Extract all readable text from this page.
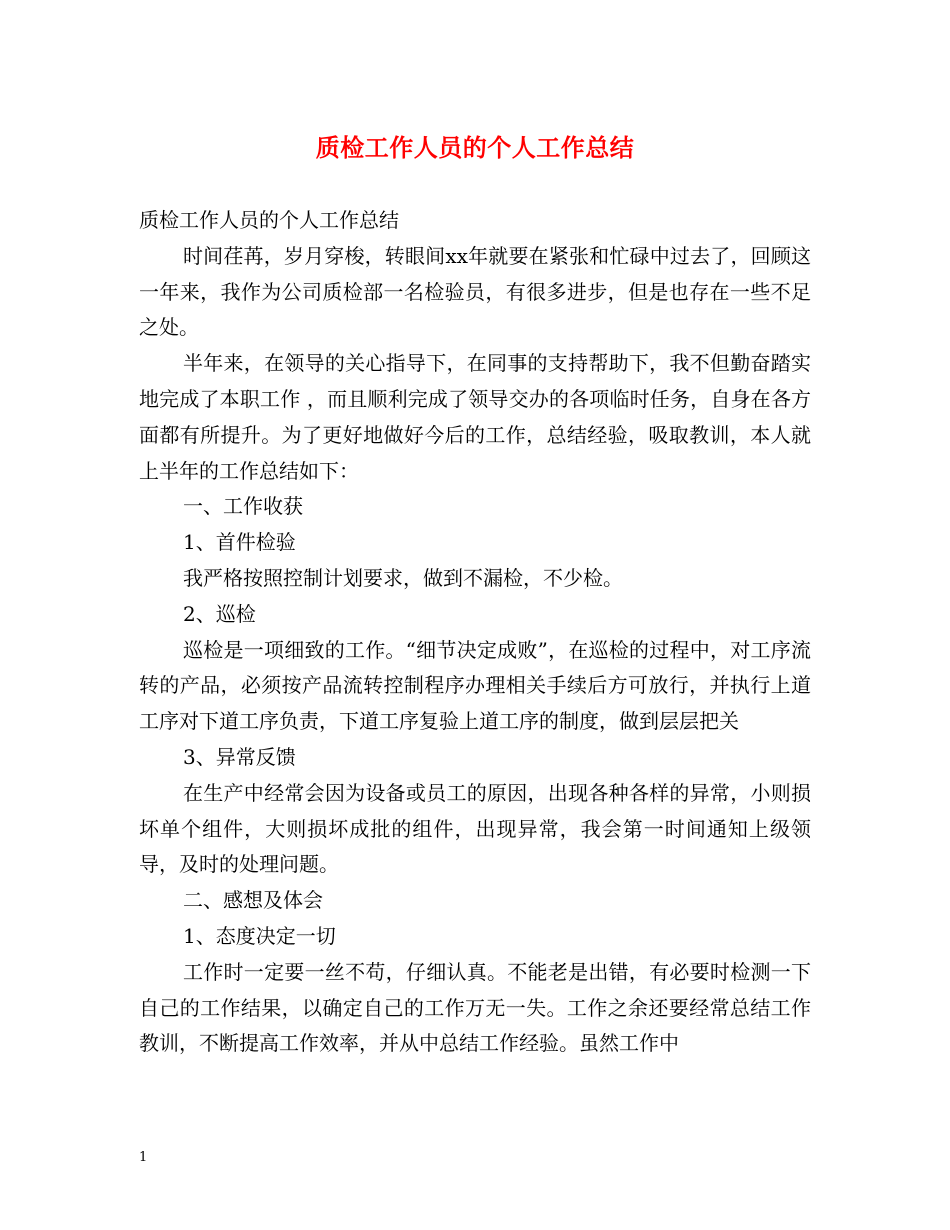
质检工作人员的个人工作总结

质检工作人员的个人工作总结

时间荏苒，岁月穿梭，转眼间xx年就要在紧张和忙碌中过去了，回顾这一年来，我作为公司质检部一名检验员，有很多进步，但是也存在一些不足之处。

半年来，在领导的关心指导下，在同事的支持帮助下，我不但勤奋踏实地完成了本职工作 ，而且顺利完成了领导交办的各项临时任务，自身在各方面都有所提升。为了更好地做好今后的工作，总结经验，吸取教训，本人就上半年的工作总结如下：

一、工作收获

1、首件检验

我严格按照控制计划要求，做到不漏检，不少检。

2、巡检

巡检是一项细致的工作。“细节决定成败”，在巡检的过程中，对工序流转的产品，必须按产品流转控制程序办理相关手续后方可放行，并执行上道工序对下道工序负责，下道工序复验上道工序的制度，做到层层把关

3、异常反馈

在生产中经常会因为设备或员工的原因，出现各种各样的异常，小则损坏单个组件，大则损坏成批的组件，出现异常，我会第一时间通知上级领导，及时的处理问题。

二、感想及体会

1、态度决定一切

工作时一定要一丝不苟，仔细认真。不能老是出错，有必要时检测一下自己的工作结果，以确定自己的工作万无一失。工作之余还要经常总结工作教训，不断提高工作效率，并从中总结工作经验。虽然工作中

1
